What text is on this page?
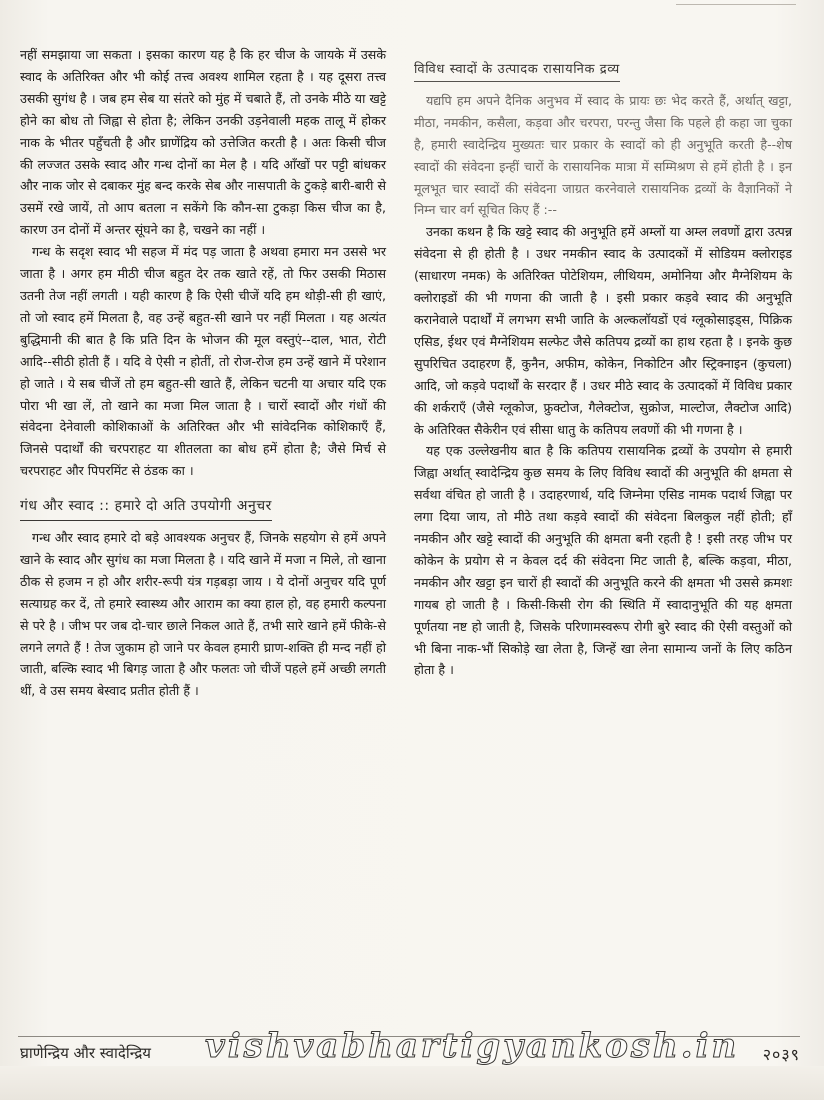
नहीं समझाया जा सकता । इसका कारण यह है कि हर चीज के जायके में उसके स्वाद के अतिरिक्त और भी कोई तत्त्व अवश्य शामिल रहता है । यह दूसरा तत्त्व उसकी सुगंध है । जब हम सेब या संतरे को मुंह में चबाते हैं, तो उनके मीठे या खट्टे होने का बोध तो जिह्वा से होता है; लेकिन उनकी उड़नेवाली महक तालू में होकर नाक के भीतर पहुँचती है और घ्राणेंद्रिय को उत्तेजित करती है । अतः किसी चीज की लज्जत उसके स्वाद और गन्ध दोनों का मेल है । यदि आँखों पर पट्टी बांधकर और नाक जोर से दबाकर मुंह बन्द करके सेब और नासपाती के टुकड़े बारी-बारी से उसमें रखे जायें, तो आप बतला न सकेंगे कि कौन-सा टुकड़ा किस चीज का है, कारण उन दोनों में अन्तर सूंघने का है, चखने का नहीं ।

गन्ध के सदृश स्वाद भी सहज में मंद पड़ जाता है अथवा हमारा मन उससे भर जाता है । अगर हम मीठी चीज बहुत देर तक खाते रहें, तो फिर उसकी मिठास उतनी तेज नहीं लगती । यही कारण है कि ऐसी चीजें यदि हम थोड़ी-सी ही खाएं, तो जो स्वाद हमें मिलता है, वह उन्हें बहुत-सी खाने पर नहीं मिलता । यह अत्यंत बुद्धिमानी की बात है कि प्रति दिन के भोजन की मूल वस्तुएं--दाल, भात, रोटी आदि--सीठी होती हैं । यदि वे ऐसी न होतीं, तो रोज-रोज हम उन्हें खाने में परेशान हो जाते । ये सब चीजें तो हम बहुत-सी खाते हैं, लेकिन चटनी या अचार यदि एक पोरा भी खा लें, तो खाने का मजा मिल जाता है । चारों स्वादों और गंधों की संवेदना देनेवाली कोशिकाओं के अतिरिक्त और भी सांवेदनिक कोशिकाएँ हैं, जिनसे पदार्थों की चरपराहट या शीतलता का बोध हमें होता है; जैसे मिर्च से चरपराहट और पिपरमिंट से ठंडक का ।

गंध और स्वाद :: हमारे दो अति उपयोगी अनुचर

गन्ध और स्वाद हमारे दो बड़े आवश्यक अनुचर हैं, जिनके सहयोग से हमें अपने खाने के स्वाद और सुगंध का मजा मिलता है । यदि खाने में मजा न मिले, तो खाना ठीक से हजम न हो और शरीर-रूपी यंत्र गड़बड़ा जाय । ये दोनों अनुचर यदि पूर्ण सत्याग्रह कर दें, तो हमारे स्वास्थ्य और आराम का क्या हाल हो, वह हमारी कल्पना से परे है । जीभ पर जब दो-चार छाले निकल आते हैं, तभी सारे खाने हमें फीके-से लगने लगते हैं ! तेज जुकाम हो जाने पर केवल हमारी घ्राण-शक्ति ही मन्द नहीं हो जाती, बल्कि स्वाद भी बिगड़ जाता है और फलतः जो चीजें पहले हमें अच्छी लगती थीं, वे उस समय बेस्वाद प्रतीत होती हैं ।

विविध स्वादों के उत्पादक रासायनिक द्रव्य

यद्यपि हम अपने दैनिक अनुभव में स्वाद के प्रायः छः भेद करते हैं, अर्थात् खट्टा, मीठा, नमकीन, कसैला, कड़वा और चरपरा, परन्तु जैसा कि पहले ही कहा जा चुका है, हमारी स्वादेन्द्रिय मुख्यतः चार प्रकार के स्वादों को ही अनुभूति करती है--शेष स्वादों की संवेदना इन्हीं चारों के रासायनिक मात्रा में सम्मिश्रण से हमें होती है । इन मूलभूत चार स्वादों की संवेदना जाग्रत करनेवाले रासायनिक द्रव्यों के वैज्ञानिकों ने निम्न चार वर्ग सूचित किए हैं :--

उनका कथन है कि खट्टे स्वाद की अनुभूति हमें अम्लों या अम्ल लवणों द्वारा उत्पन्न संवेदना से ही होती है । उधर नमकीन स्वाद के उत्पादकों में सोडियम क्लोराइड (साधारण नमक) के अतिरिक्त पोटेशियम, लीथियम, अमोनिया और मैग्नेशियम के क्लोराइडों की भी गणना की जाती है । इसी प्रकार कड़वे स्वाद की अनुभूति करानेवाले पदार्थों में लगभग सभी जाति के अल्कलॉयडों एवं ग्लूकोसाइड्स, पिक्रिक एसिड, ईथर एवं मैग्नेशियम सल्फेट जैसे कतिपय द्रव्यों का हाथ रहता है । इनके कुछ सुपरिचित उदाहरण हैं, कुनैन, अफीम, कोकेन, निकोटिन और स्ट्रिक्नाइन (कुचला) आदि, जो कड़वे पदार्थों के सरदार हैं । उधर मीठे स्वाद के उत्पादकों में विविध प्रकार की शर्कराएँ (जैसे ग्लूकोज, फ्रुक्टोज, गैलेक्टोज, सुक्रोज, माल्टोज, लैक्टोज आदि) के अतिरिक्त सैकेरीन एवं सीसा धातु के कतिपय लवणों की भी गणना है ।

यह एक उल्लेखनीय बात है कि कतिपय रासायनिक द्रव्यों के उपयोग से हमारी जिह्वा अर्थात् स्वादेन्द्रिय कुछ समय के लिए विविध स्वादों की अनुभूति की क्षमता से सर्वथा वंचित हो जाती है । उदाहरणार्थ, यदि जिम्नेमा एसिड नामक पदार्थ जिह्वा पर लगा दिया जाय, तो मीठे तथा कड़वे स्वादों की संवेदना बिलकुल नहीं होती; हाँ नमकीन और खट्टे स्वादों की अनुभूति की क्षमता बनी रहती है ! इसी तरह जीभ पर कोकेन के प्रयोग से न केवल दर्द की संवेदना मिट जाती है, बल्कि कड़वा, मीठा, नमकीन और खट्टा इन चारों ही स्वादों की अनुभूति करने की क्षमता भी उससे क्रमशः गायब हो जाती है । किसी-किसी रोग की स्थिति में स्वादानुभूति की यह क्षमता पूर्णतया नष्ट हो जाती है, जिसके परिणामस्वरूप रोगी बुरे स्वाद की ऐसी वस्तुओं को भी बिना नाक-भौं सिकोड़े खा लेता है, जिन्हें खा लेना सामान्य जनों के लिए कठिन होता है ।

घ्राणेन्द्रिय और स्वादेन्द्रिय	२०३९
vishvabhartigyankosh.in
